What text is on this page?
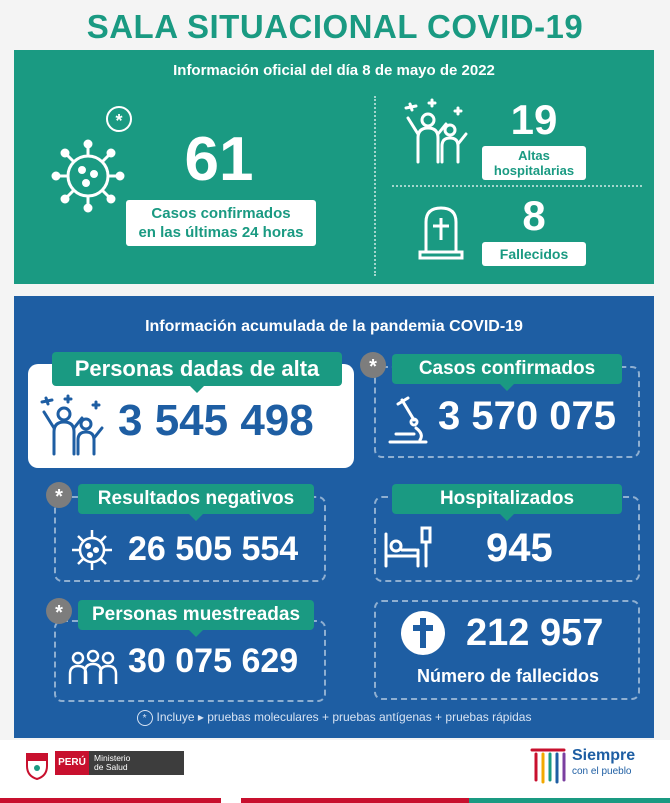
SALA SITUACIONAL COVID-19
Información oficial del día 8 de mayo de 2022
*
61
Casos confirmados
en las últimas 24 horas
19
Altas
hospitalarias
8
Fallecidos
Información acumulada de la pandemia COVID-19
Personas dadas de alta
3 545 498
*	Casos confirmados
3 570 075
*	Resultados negativos
26 505 554
Hospitalizados
945
*	Personas muestreadas
30 075 629
212 957
Número de fallecidos
* Incluye ▸ pruebas moleculares + pruebas antígenas + pruebas rápidas
PERÚ Ministerio
de Salud
Siempre
con el pueblo
